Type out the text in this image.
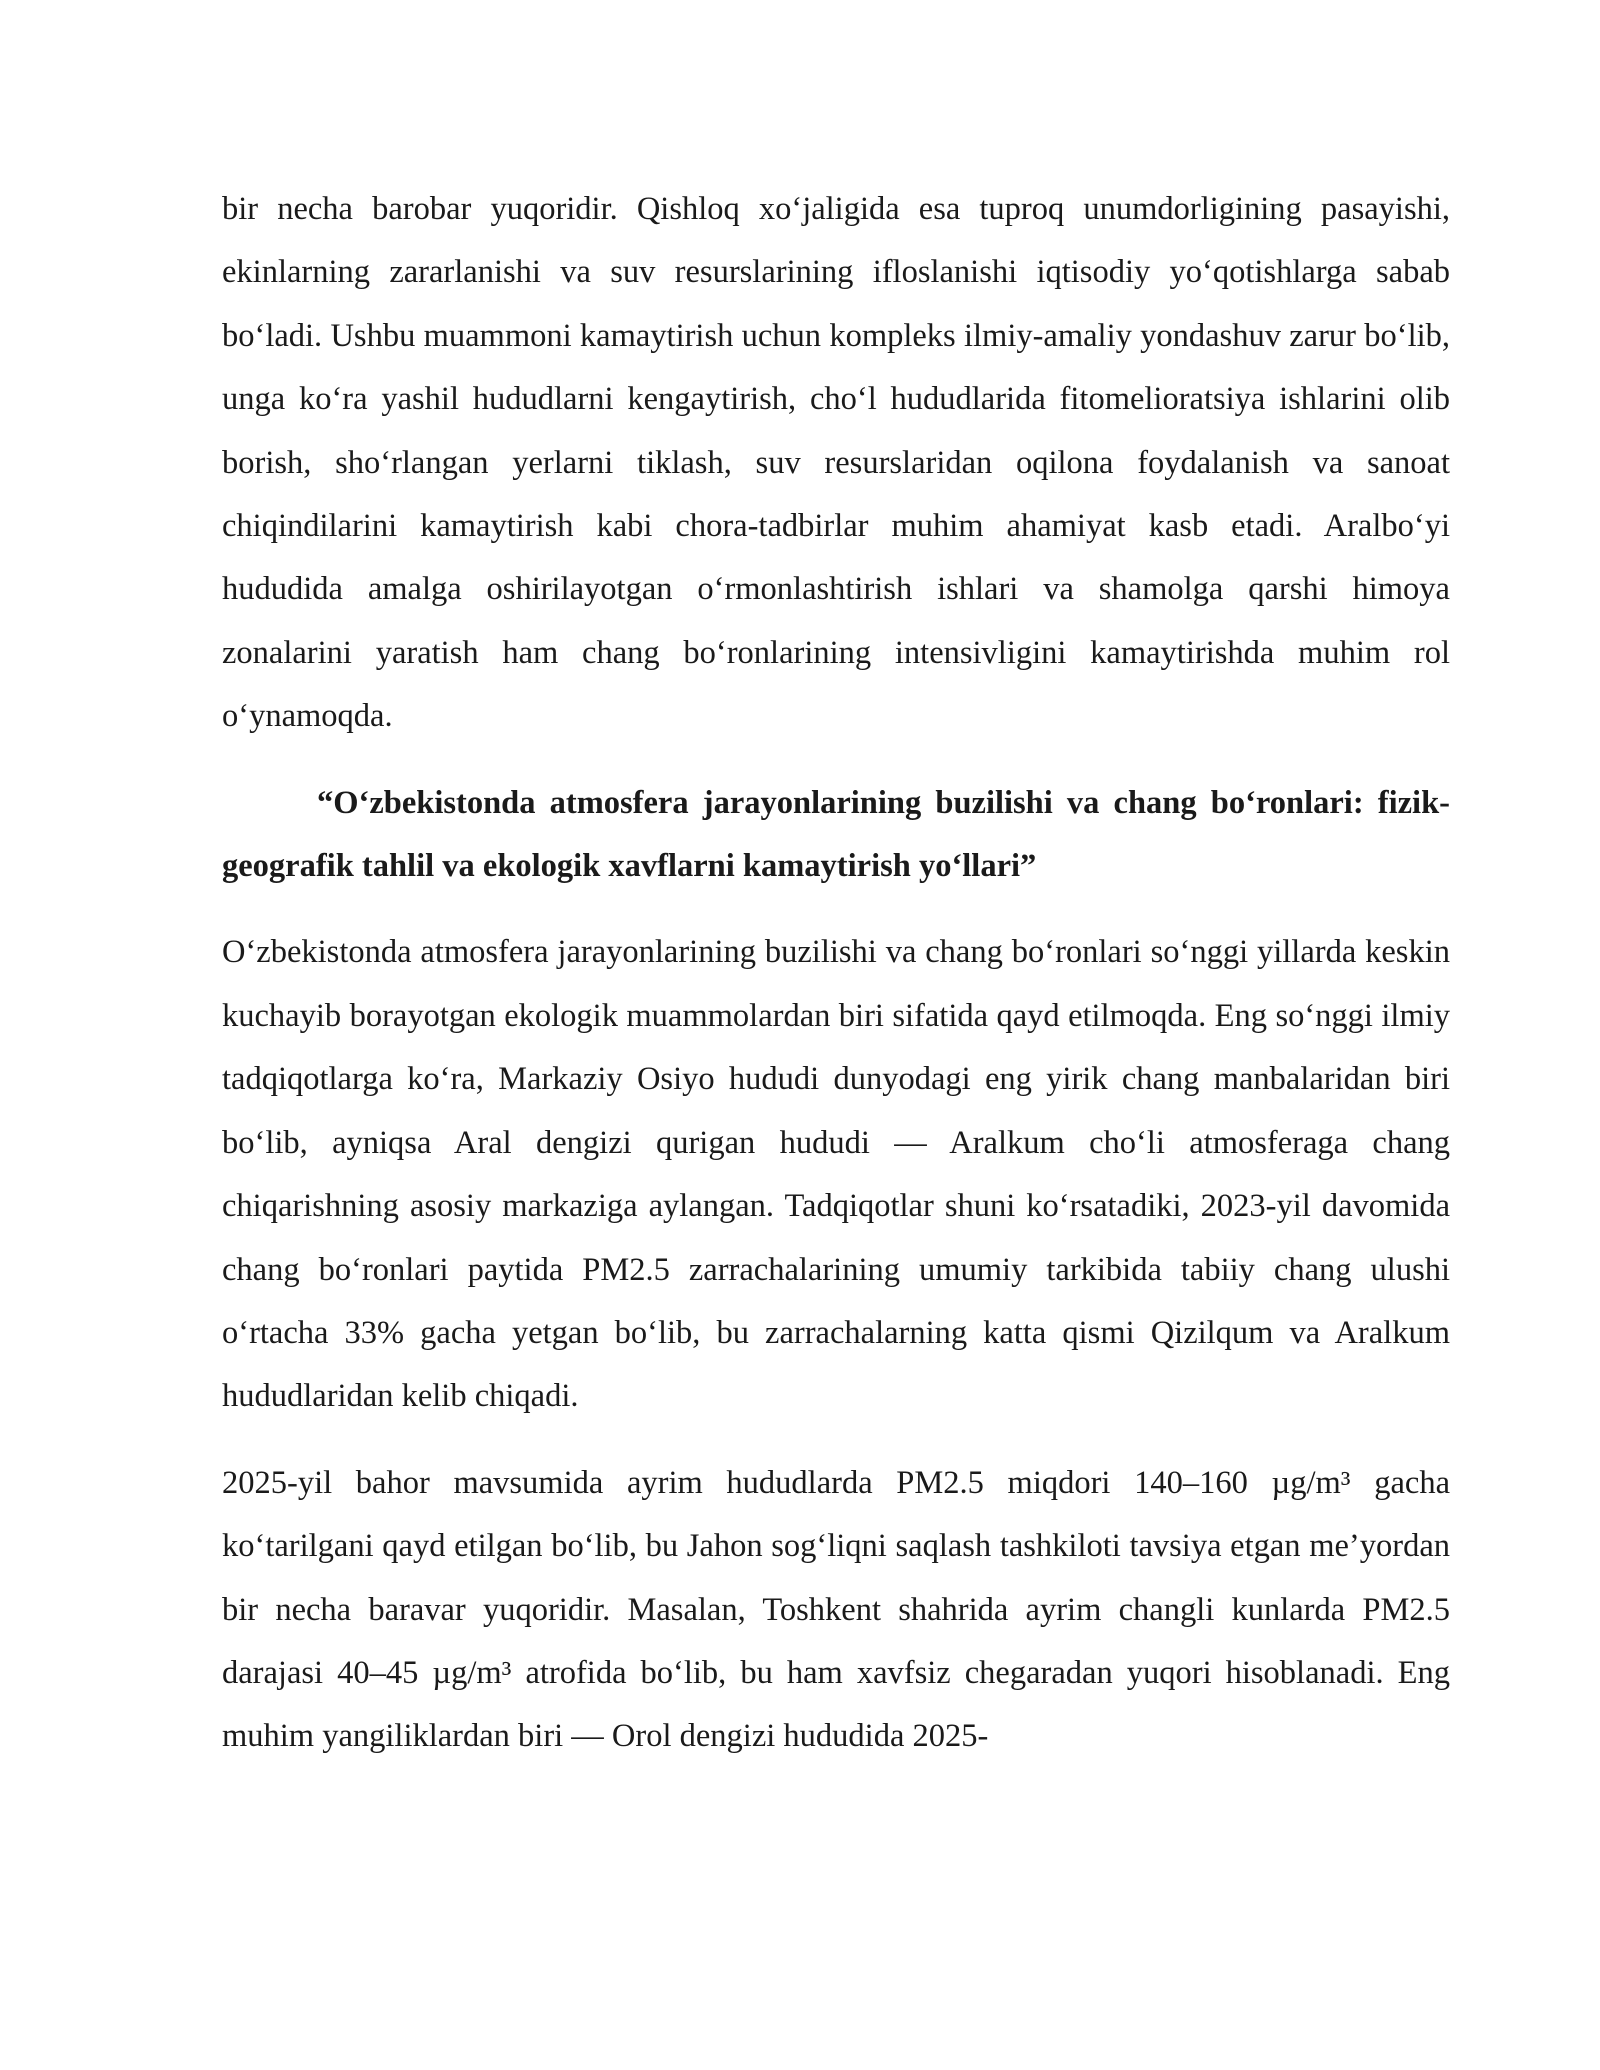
bir necha barobar yuqoridir. Qishloq xo‘jaligida esa tuproq unumdorligining pasayishi, ekinlarning zararlanishi va suv resurslarining ifloslanishi iqtisodiy yo‘qotishlarga sabab bo‘ladi. Ushbu muammoni kamaytirish uchun kompleks ilmiy-amaliy yondashuv zarur bo‘lib, unga ko‘ra yashil hududlarni kengaytirish, cho‘l hududlarida fitomelioratsiya ishlarini olib borish, sho‘rlangan yerlarni tiklash, suv resurslaridan oqilona foydalanish va sanoat chiqindilarini kamaytirish kabi chora-tadbirlar muhim ahamiyat kasb etadi. Aralbo‘yi hududida amalga oshirilayotgan o‘rmonlashtirish ishlari va shamolga qarshi himoya zonalarini yaratish ham chang bo‘ronlarining intensivligini kamaytirishda muhim rol o‘ynamoqda.

“O‘zbekistonda atmosfera jarayonlarining buzilishi va chang bo‘ronlari: fizik-geografik tahlil va ekologik xavflarni kamaytirish yo‘llari”

O‘zbekistonda atmosfera jarayonlarining buzilishi va chang bo‘ronlari so‘nggi yillarda keskin kuchayib borayotgan ekologik muammolardan biri sifatida qayd etilmoqda. Eng so‘nggi ilmiy tadqiqotlarga ko‘ra, Markaziy Osiyo hududi dunyodagi eng yirik chang manbalaridan biri bo‘lib, ayniqsa Aral dengizi qurigan hududi — Aralkum cho‘li atmosferaga chang chiqarishning asosiy markaziga aylangan. Tadqiqotlar shuni ko‘rsatadiki, 2023-yil davomida chang bo‘ronlari paytida PM2.5 zarrachalarining umumiy tarkibida tabiiy chang ulushi o‘rtacha 33% gacha yetgan bo‘lib, bu zarrachalarning katta qismi Qizilqum va Aralkum hududlaridan kelib chiqadi.

2025-yil bahor mavsumida ayrim hududlarda PM2.5 miqdori 140–160 µg/m³ gacha ko‘tarilgani qayd etilgan bo‘lib, bu Jahon sog‘liqni saqlash tashkiloti tavsiya etgan me’yordan bir necha baravar yuqoridir. Masalan, Toshkent shahrida ayrim changli kunlarda PM2.5 darajasi 40–45 µg/m³ atrofida bo‘lib, bu ham xavfsiz chegaradan yuqori hisoblanadi. Eng muhim yangiliklardan biri — Orol dengizi hududida 2025-
